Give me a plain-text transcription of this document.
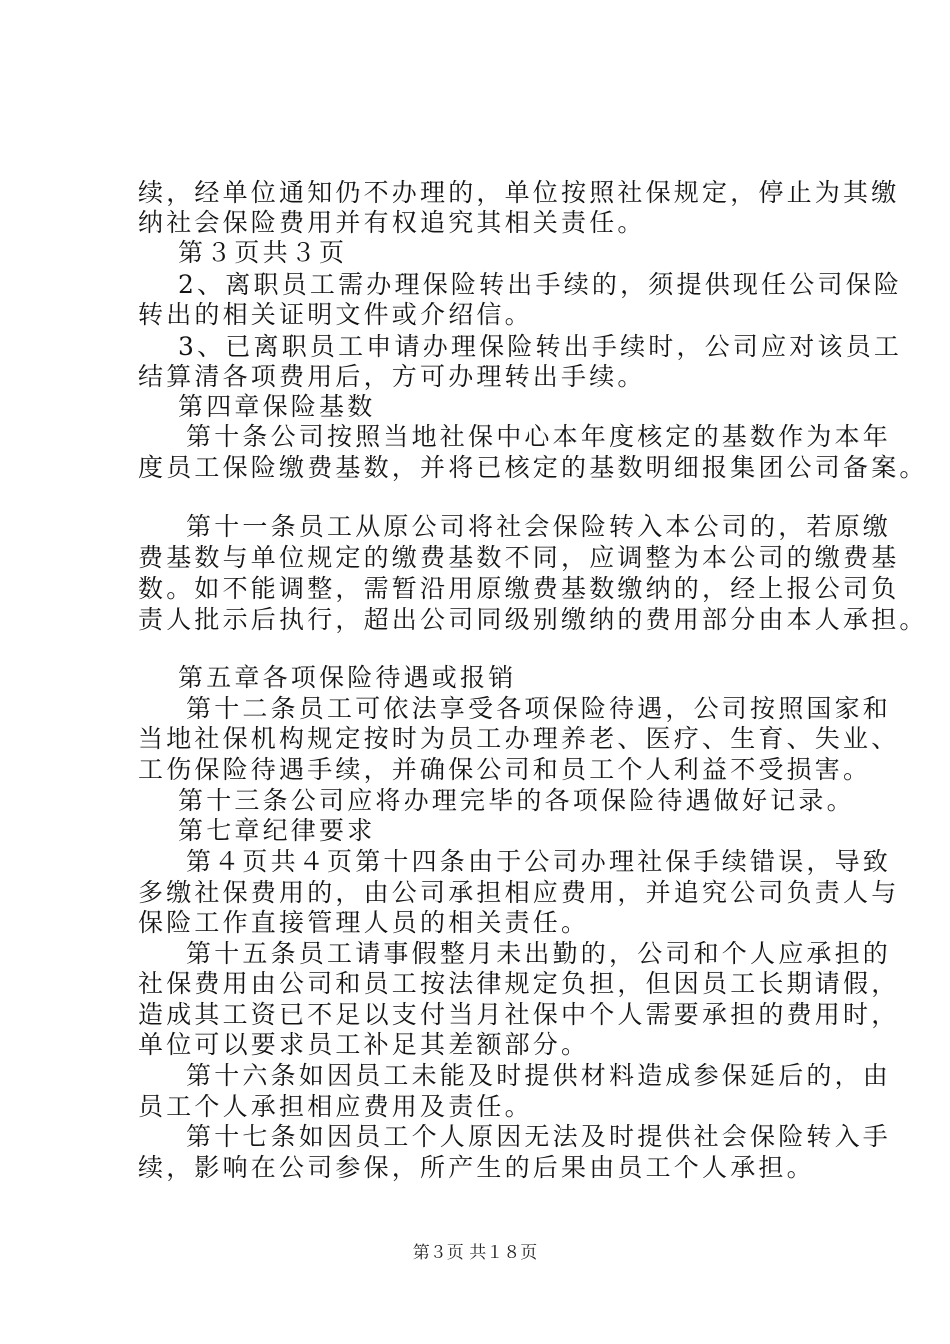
续，经单位通知仍不办理的，单位按照社保规定，停止为其缴
纳社会保险费用并有权追究其相关责任。
第３页共３页
2、离职员工需办理保险转出手续的，须提供现任公司保险
转出的相关证明文件或介绍信。
3、已离职员工申请办理保险转出手续时，公司应对该员工
结算清各项费用后，方可办理转出手续。
第四章保险基数
第十条公司按照当地社保中心本年度核定的基数作为本年
度员工保险缴费基数，并将已核定的基数明细报集团公司备案。
第十一条员工从原公司将社会保险转入本公司的，若原缴
费基数与单位规定的缴费基数不同，应调整为本公司的缴费基
数。如不能调整，需暂沿用原缴费基数缴纳的，经上报公司负
责人批示后执行，超出公司同级别缴纳的费用部分由本人承担。
第五章各项保险待遇或报销
第十二条员工可依法享受各项保险待遇，公司按照国家和
当地社保机构规定按时为员工办理养老、医疗、生育、失业、
工伤保险待遇手续，并确保公司和员工个人利益不受损害。
第十三条公司应将办理完毕的各项保险待遇做好记录。
第七章纪律要求
第４页共４页第十四条由于公司办理社保手续错误，导致
多缴社保费用的，由公司承担相应费用，并追究公司负责人与
保险工作直接管理人员的相关责任。
第十五条员工请事假整月未出勤的，公司和个人应承担的
社保费用由公司和员工按法律规定负担，但因员工长期请假，
造成其工资已不足以支付当月社保中个人需要承担的费用时，
单位可以要求员工补足其差额部分。
第十六条如因员工未能及时提供材料造成参保延后的，由
员工个人承担相应费用及责任。
第十七条如因员工个人原因无法及时提供社会保险转入手
续，影响在公司参保，所产生的后果由员工个人承担。
第３页 共１８页
